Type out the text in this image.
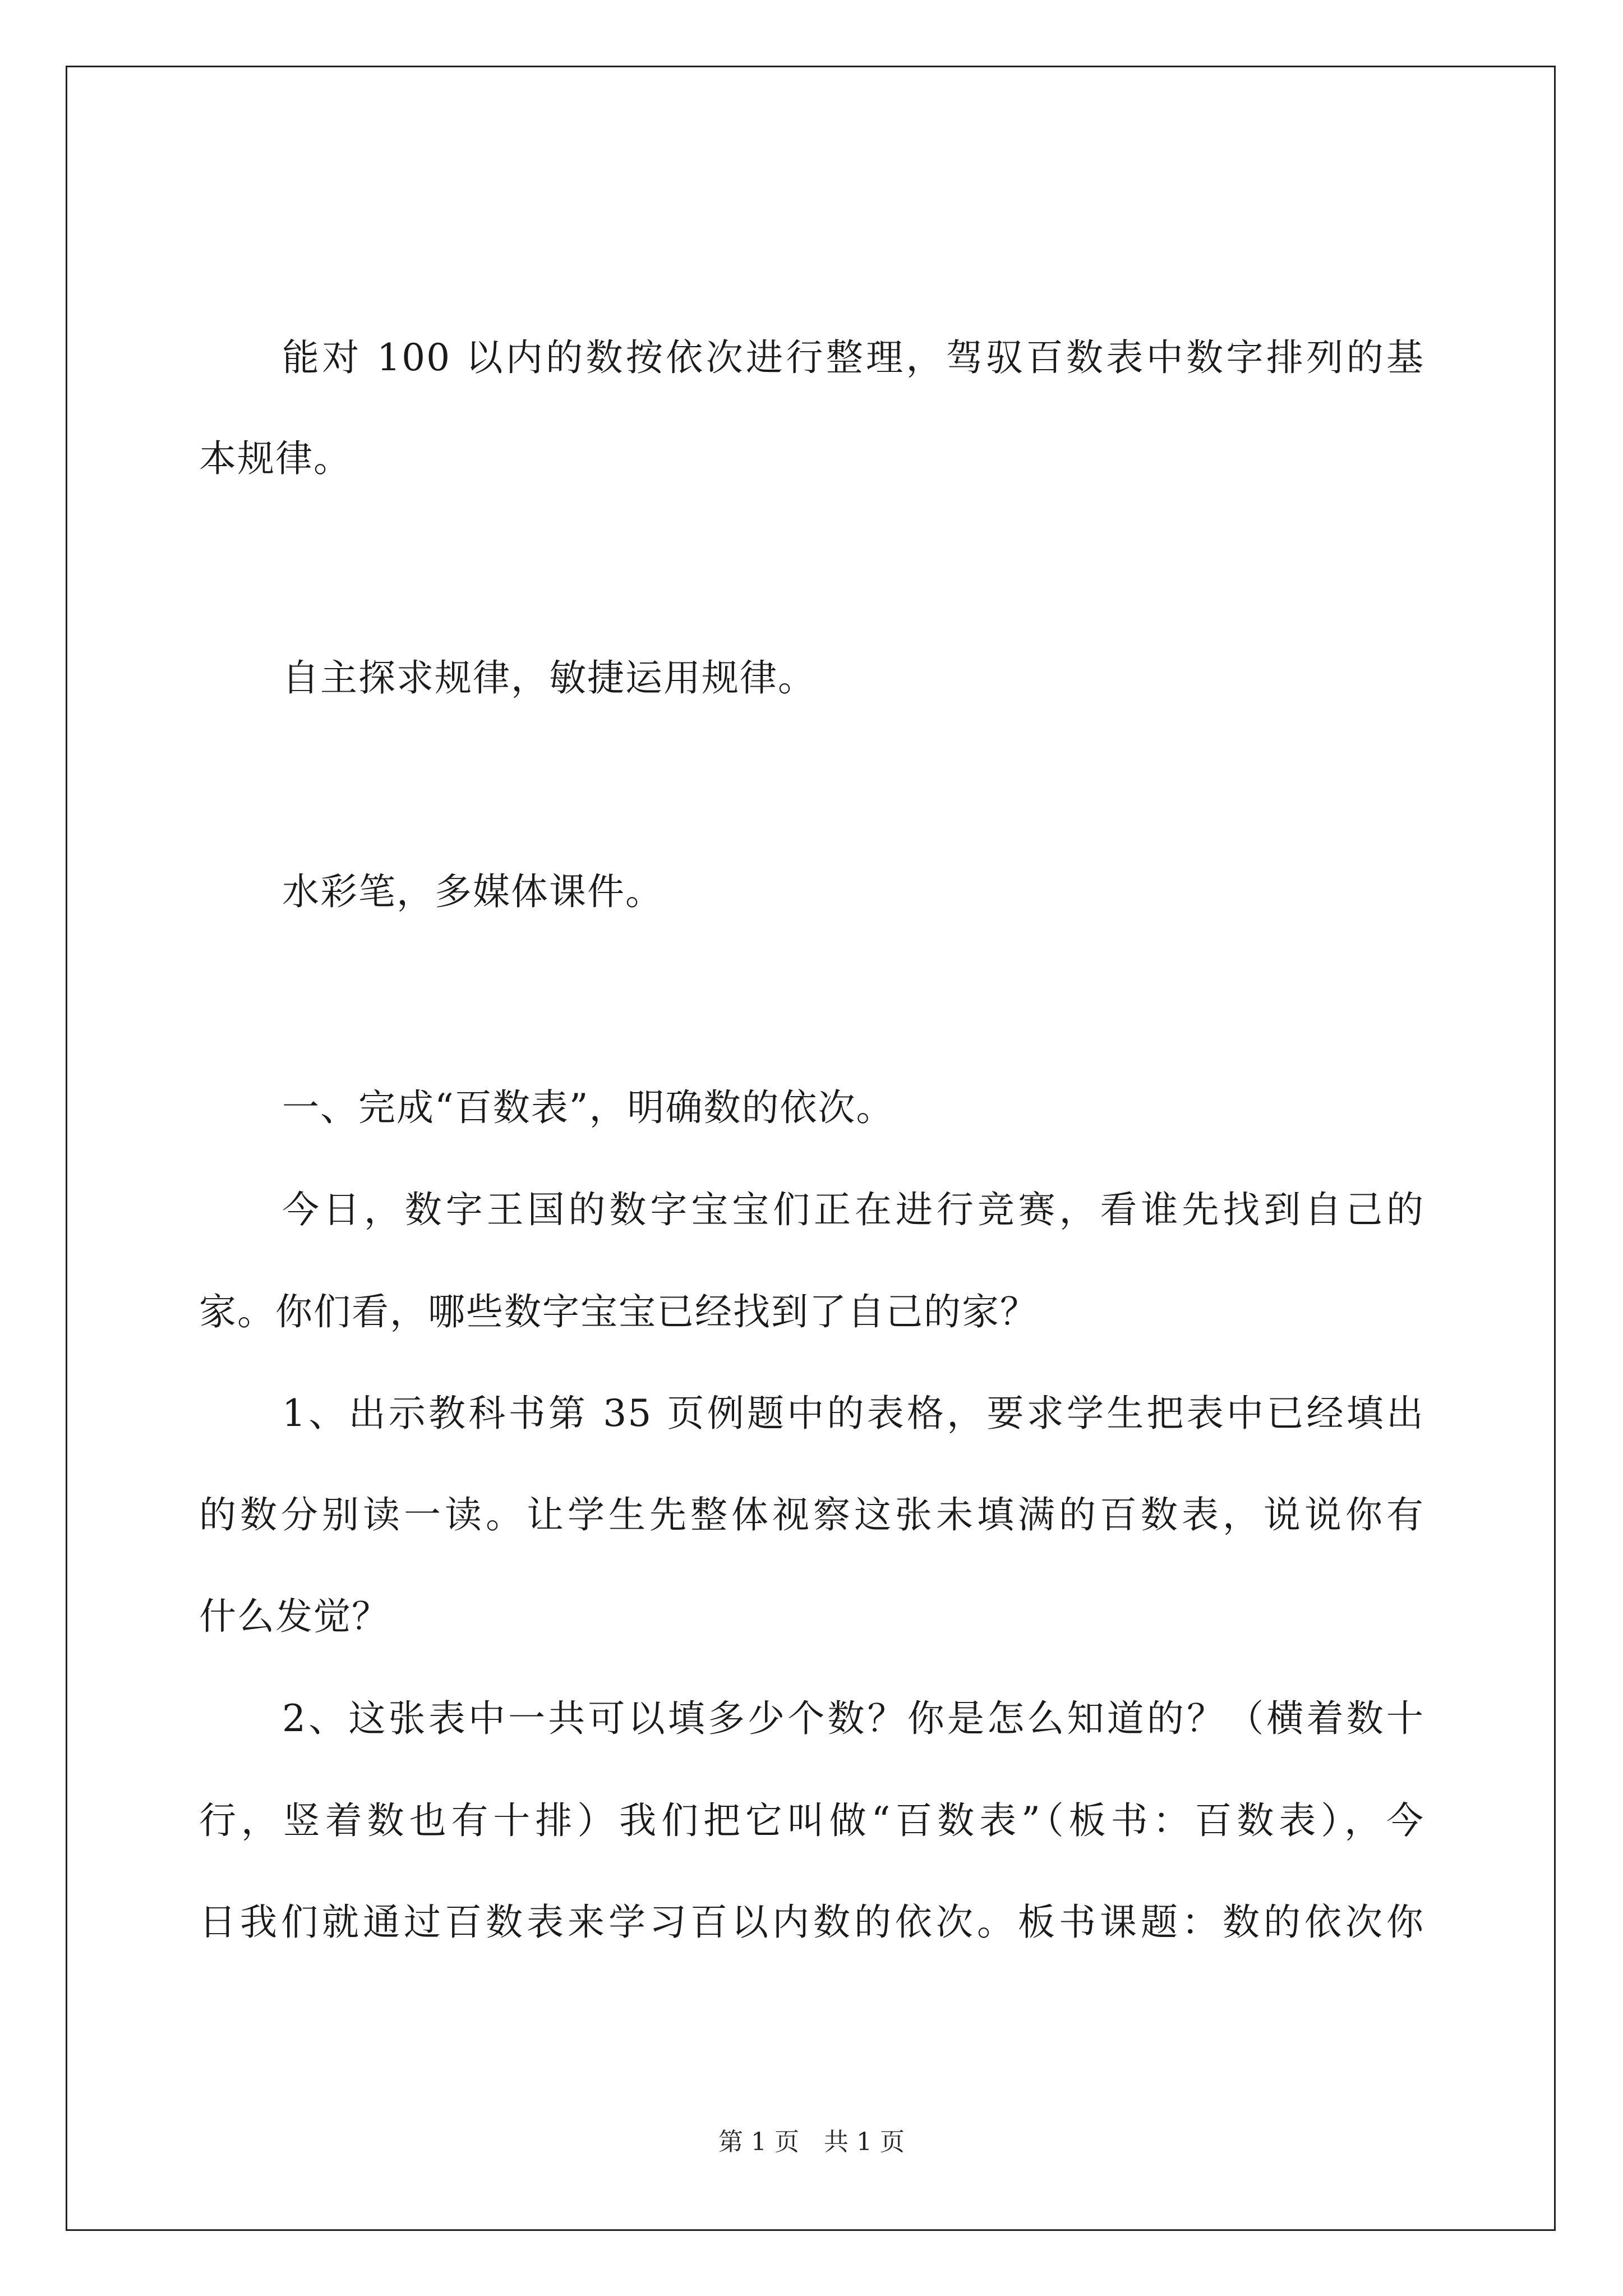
能对 100 以内的数按依次进行整理，驾驭百数表中数字排列的基
本规律。
自主探求规律，敏捷运用规律。
水彩笔，多媒体课件。
一、完成“百数表”，明确数的依次。
今日，数字王国的数字宝宝们正在进行竞赛，看谁先找到自己的
家。你们看，哪些数字宝宝已经找到了自己的家？
1、出示教科书第 35 页例题中的表格，要求学生把表中已经填出
的数分别读一读。让学生先整体视察这张未填满的百数表，说说你有
什么发觉？
2、这张表中一共可以填多少个数？你是怎么知道的？（横着数十
行，竖着数也有十排）我们把它叫做“百数表”（板书：百数表），今
日我们就通过百数表来学习百以内数的依次。板书课题：数的依次你
第 1 页　共 1 页
